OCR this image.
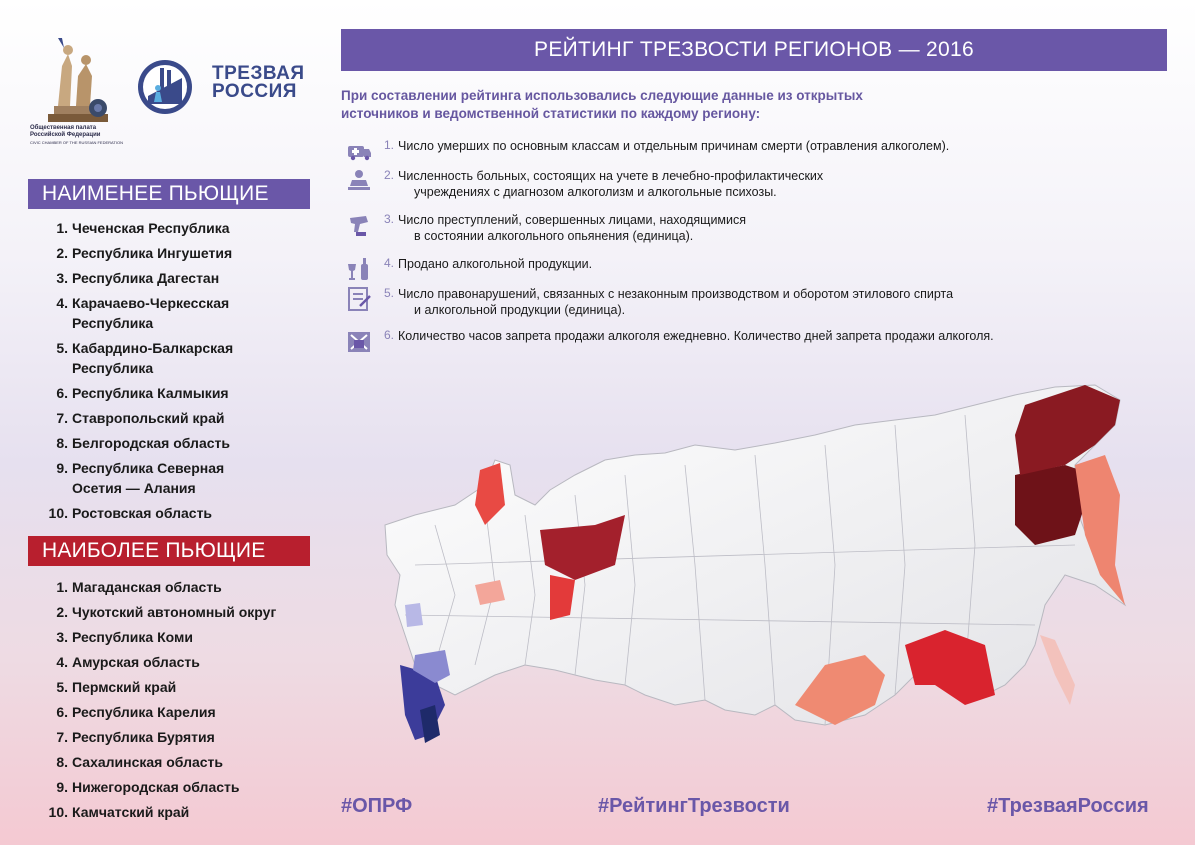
Общественная палата
Российской Федерации
CIVIC CHAMBER OF THE RUSSIAN FEDERATION
ТРЕЗВАЯ
РОССИЯ
РЕЙТИНГ ТРЕЗВОСТИ РЕГИОНОВ — 2016
При составлении рейтинга использовались следующие данные из открытых
источников и ведомственной статистики по каждому региону:
1. Число умерших по основным классам и отдельным причинам смерти (отравления алкоголем).
2. Численность больных, состоящих на учете в лечебно-профилактических
учреждениях с диагнозом алкоголизм и алкогольные психозы.
3. Число преступлений, совершенных лицами, находящимися
в состоянии алкогольного опьянения (единица).
4. Продано алкогольной продукции.
5. Число правонарушений, связанных с незаконным производством и оборотом этилового спирта
и алкогольной продукции (единица).
6. Количество часов запрета продажи алкоголя ежедневно. Количество дней запрета продажи алкоголя.
НАИМЕНЕЕ ПЬЮЩИЕ
1. Чеченская Республика
2. Республика Ингушетия
3. Республика Дагестан
4. Карачаево-Черкесская
Республика
5. Кабардино-Балкарская
Республика
6. Республика Калмыкия
7. Ставропольский край
8. Белгородская область
9. Республика Северная
Осетия — Алания
10. Ростовская область
НАИБОЛЕЕ ПЬЮЩИЕ
1. Магаданская область
2. Чукотский автономный округ
3. Республика Коми
4. Амурская область
5. Пермский край
6. Республика Карелия
7. Республика Бурятия
8. Сахалинская область
9. Нижегородская область
10. Камчатский край	#ОПРФ	#РейтингТрезвости	#ТрезваяРоссия
